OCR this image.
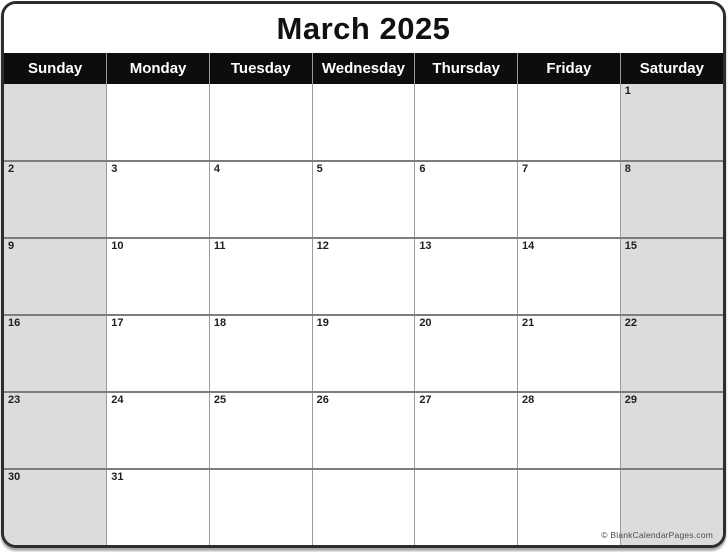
March 2025
Sunday	Monday	Tuesday	Wednesday	Thursday	Friday	Saturday
						1
2	3	4	5	6	7	8
9	10	11	12	13	14	15
16	17	18	19	20	21	22
23	24	25	26	27	28	29
30	31					
© BlankCalendarPages.com
